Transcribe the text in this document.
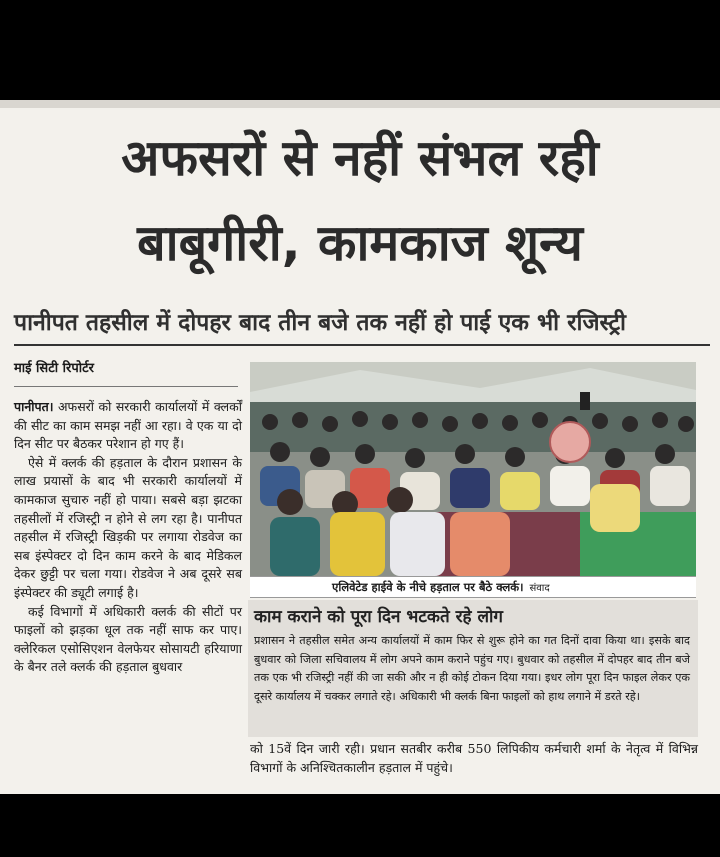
अफसरों से नहीं संभल रही
बाबूगीरी, कामकाज शून्य
पानीपत तहसील में दोपहर बाद तीन बजे तक नहीं हो पाई एक भी रजिस्ट्री
माई सिटी रिपोर्टर

पानीपत। अफसरों को सरकारी कार्यालयों में क्लर्कों की सीट का काम समझ नहीं आ रहा। वे एक या दो दिन सीट पर बैठकर परेशान हो गए हैं।

ऐसे में क्लर्क की हड़ताल के दौरान प्रशासन के लाख प्रयासों के बाद भी सरकारी कार्यालयों में कामकाज सुचारु नहीं हो पाया। सबसे बड़ा झटका तहसीलों में रजिस्ट्री न होने से लग रहा है। पानीपत तहसील में रजिस्ट्री खिड़की पर लगाया रोडवेज का सब इंस्पेक्टर दो दिन काम करने के बाद मेडिकल देकर छुट्टी पर चला गया। रोडवेज ने अब दूसरे सब इंस्पेक्टर की ड्यूटी लगाई है।

कई विभागों में अधिकारी क्लर्क की सीटों पर फाइलों को झड़का धूल तक नहीं साफ कर पाए। क्लेरिकल एसोसिएशन वेलफेयर सोसायटी हरियाणा के बैनर तले क्लर्क की हड़ताल बुधवार

एलिवेटेड हाईवे के नीचे हड़ताल पर बैठे क्लर्क। संवाद
काम कराने को पूरा दिन भटकते रहे लोग

प्रशासन ने तहसील समेत अन्य कार्यालयों में काम फिर से शुरू होने का गत दिनों दावा किया था। इसके बाद बुधवार को जिला सचिवालय में लोग अपने काम कराने पहुंच गए। बुधवार को तहसील में दोपहर बाद तीन बजे तक एक भी रजिस्ट्री नहीं की जा सकी और न ही कोई टोकन दिया गया। इधर लोग पूरा दिन फाइल लेकर एक दूसरे कार्यालय में चक्कर लगाते रहे। अधिकारी भी क्लर्क बिना फाइलों को हाथ लगाने में डरते रहे।

को 15वें दिन जारी रही। प्रधान सतबीर करीब 550 लिपिकीय कर्मचारी शर्मा के नेतृत्व में विभिन्न विभागों के अनिश्चितकालीन हड़ताल में पहुंचे।
